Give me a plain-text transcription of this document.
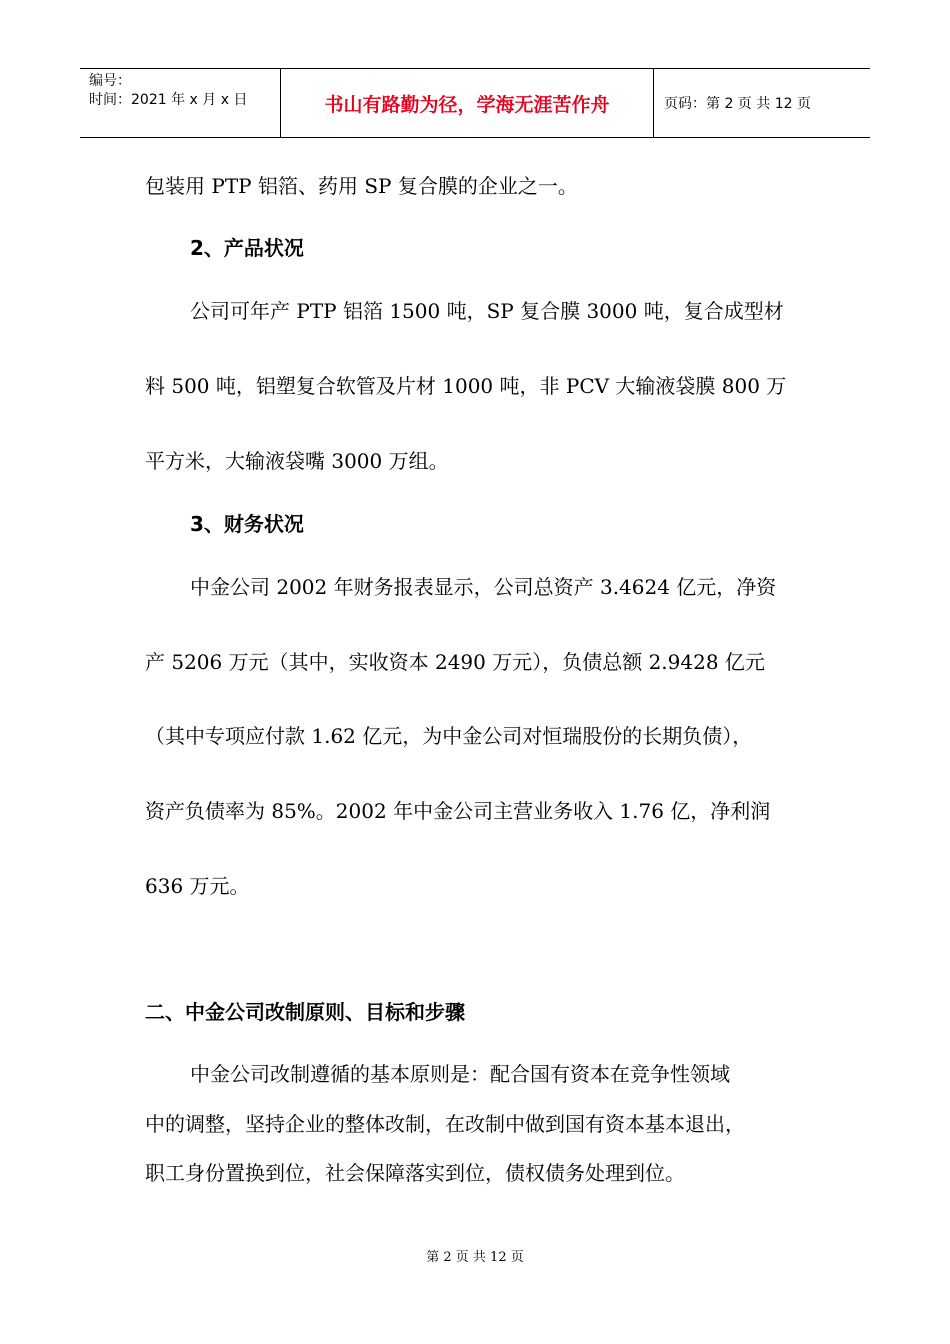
编号：
时间：2021 年 x 月 x 日	书山有路勤为径，学海无涯苦作舟	页码：第 2 页 共 12 页
包装用 PTP 铝箔、药用 SP 复合膜的企业之一。
2、产品状况
公司可年产 PTP 铝箔 1500 吨，SP 复合膜 3000 吨，复合成型材
料 500 吨，铝塑复合软管及片材 1000 吨，非 PCV 大输液袋膜 800 万
平方米，大输液袋嘴 3000 万组。
3、财务状况
中金公司 2002 年财务报表显示，公司总资产 3.4624 亿元，净资
产 5206 万元（其中，实收资本 2490 万元），负债总额 2.9428 亿元
（其中专项应付款 1.62 亿元，为中金公司对恒瑞股份的长期负债），
资产负债率为 85%。2002 年中金公司主营业务收入 1.76 亿，净利润
636 万元。
二、中金公司改制原则、目标和步骤
中金公司改制遵循的基本原则是：配合国有资本在竞争性领域
中的调整，坚持企业的整体改制，在改制中做到国有资本基本退出，
职工身份置换到位，社会保障落实到位，债权债务处理到位。
第 2 页 共 12 页
